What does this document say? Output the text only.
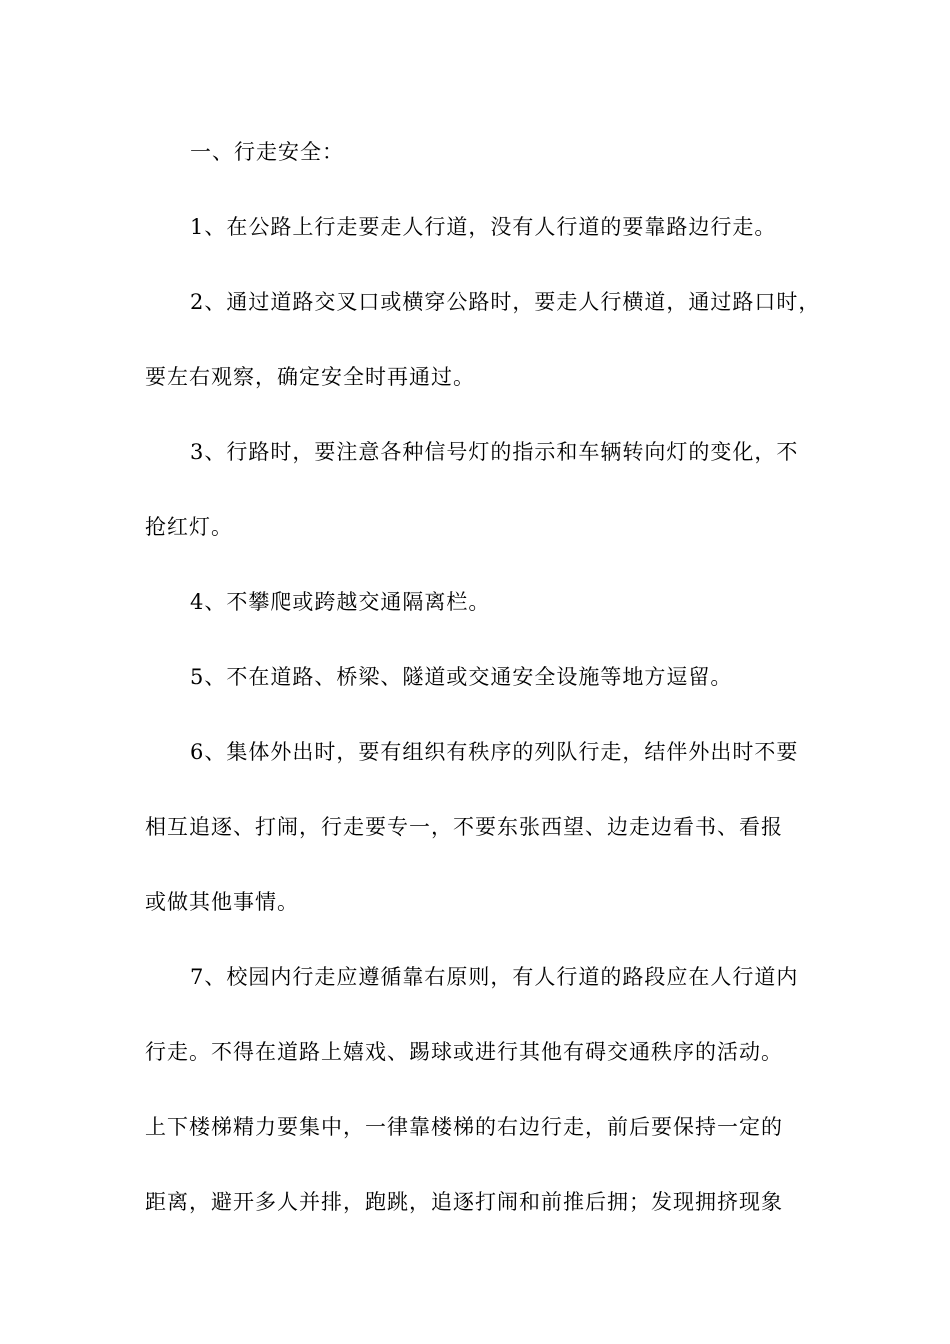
一、行走安全：
1、在公路上行走要走人行道，没有人行道的要靠路边行走。
2、通过道路交叉口或横穿公路时，要走人行横道，通过路口时，
要左右观察，确定安全时再通过。
3、行路时，要注意各种信号灯的指示和车辆转向灯的变化，不
抢红灯。
4、不攀爬或跨越交通隔离栏。
5、不在道路、桥梁、隧道或交通安全设施等地方逗留。
6、集体外出时，要有组织有秩序的列队行走，结伴外出时不要
相互追逐、打闹，行走要专一，不要东张西望、边走边看书、看报
或做其他事情。
7、校园内行走应遵循靠右原则，有人行道的路段应在人行道内
行走。不得在道路上嬉戏、踢球或进行其他有碍交通秩序的活动。
上下楼梯精力要集中，一律靠楼梯的右边行走，前后要保持一定的
距离，避开多人并排，跑跳，追逐打闹和前推后拥；发现拥挤现象
